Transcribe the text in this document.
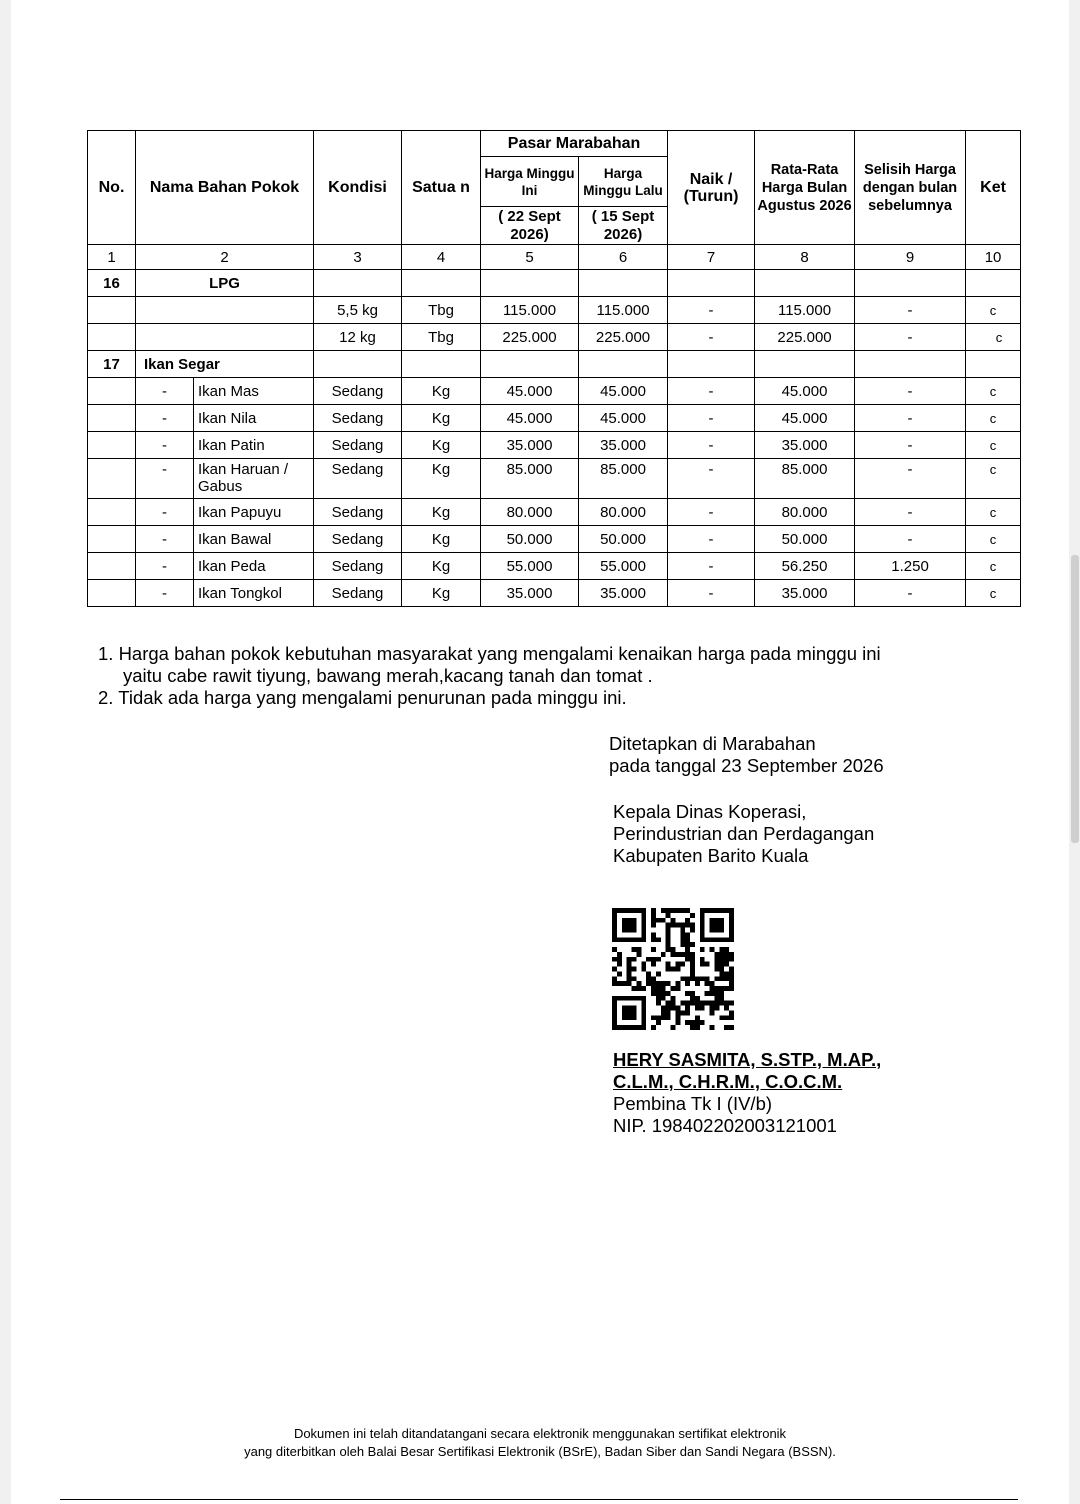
No.	Nama Bahan Pokok		Kondisi	Satua n	Pasar Marabahan		Naik / (Turun)	Rata-Rata Harga Bulan Agustus 2026	Selisih Harga dengan bulan sebelumnya	Ket
					Harga Minggu Ini	Harga Minggu Lalu				
					( 22 Sept 2026)	( 15 Sept 2026)				
1	2		3	4	5	6	7	8	9	10
16	LPG									
			5,5 kg	Tbg	115.000	115.000	-	115.000	-	c
			12 kg	Tbg	225.000	225.000	-	225.000	-	c
17	Ikan Segar									
	-	Ikan Mas	Sedang	Kg	45.000	45.000	-	45.000	-	c
	-	Ikan Nila	Sedang	Kg	45.000	45.000	-	45.000	-	c
	-	Ikan Patin	Sedang	Kg	35.000	35.000	-	35.000	-	c
	-	Ikan Haruan / Gabus	Sedang	Kg	85.000	85.000	-	85.000	-	c
	-	Ikan Papuyu	Sedang	Kg	80.000	80.000	-	80.000	-	c
	-	Ikan Bawal	Sedang	Kg	50.000	50.000	-	50.000	-	c
	-	Ikan Peda	Sedang	Kg	55.000	55.000	-	56.250	1.250	c
	-	Ikan Tongkol	Sedang	Kg	35.000	35.000	-	35.000	-	c
1. Harga bahan pokok kebutuhan masyarakat yang mengalami kenaikan harga pada minggu ini
yaitu cabe rawit tiyung, bawang merah,kacang tanah dan tomat .
2. Tidak ada harga yang mengalami penurunan pada minggu ini.
Ditetapkan di Marabahan
pada tanggal 23 September 2026
Kepala Dinas Koperasi,
Perindustrian dan Perdagangan
Kabupaten Barito Kuala
HERY SASMITA, S.STP., M.AP.,
C.L.M., C.H.R.M., C.O.C.M.
Pembina Tk I (IV/b)
NIP. 198402202003121001
Dokumen ini telah ditandatangani secara elektronik menggunakan sertifikat elektronik
yang diterbitkan oleh Balai Besar Sertifikasi Elektronik (BSrE), Badan Siber dan Sandi Negara (BSSN).
